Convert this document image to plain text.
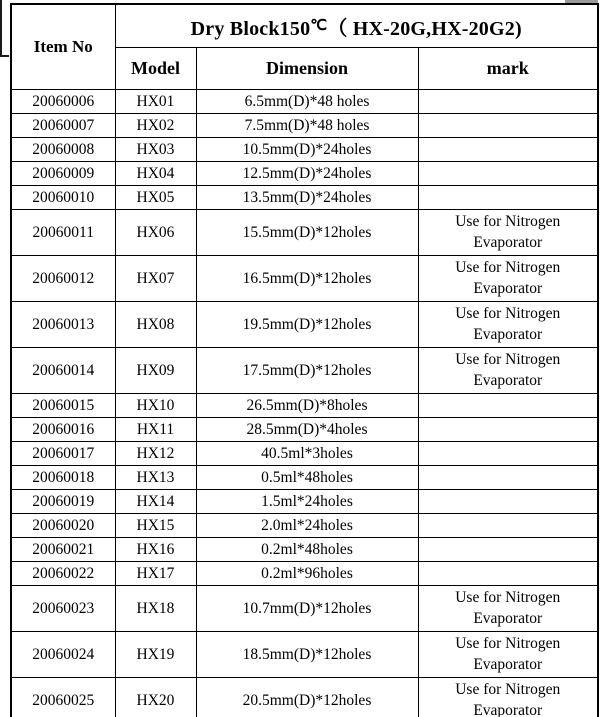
Item No	Dry Block150℃（ HX-20G,HX-20G2)		
	Model	Dimension	mark
20060006	HX01	6.5mm(D)*48 holes	
20060007	HX02	7.5mm(D)*48 holes	
20060008	HX03	10.5mm(D)*24holes	
20060009	HX04	12.5mm(D)*24holes	
20060010	HX05	13.5mm(D)*24holes	
20060011	HX06	15.5mm(D)*12holes	Use for Nitrogen Evaporator
20060012	HX07	16.5mm(D)*12holes	Use for Nitrogen Evaporator
20060013	HX08	19.5mm(D)*12holes	Use for Nitrogen Evaporator
20060014	HX09	17.5mm(D)*12holes	Use for Nitrogen Evaporator
20060015	HX10	26.5mm(D)*8holes	
20060016	HX11	28.5mm(D)*4holes	
20060017	HX12	40.5ml*3holes	
20060018	HX13	0.5ml*48holes	
20060019	HX14	1.5ml*24holes	
20060020	HX15	2.0ml*24holes	
20060021	HX16	0.2ml*48holes	
20060022	HX17	0.2ml*96holes	
20060023	HX18	10.7mm(D)*12holes	Use for Nitrogen Evaporator
20060024	HX19	18.5mm(D)*12holes	Use for Nitrogen Evaporator
20060025	HX20	20.5mm(D)*12holes	Use for Nitrogen Evaporator
